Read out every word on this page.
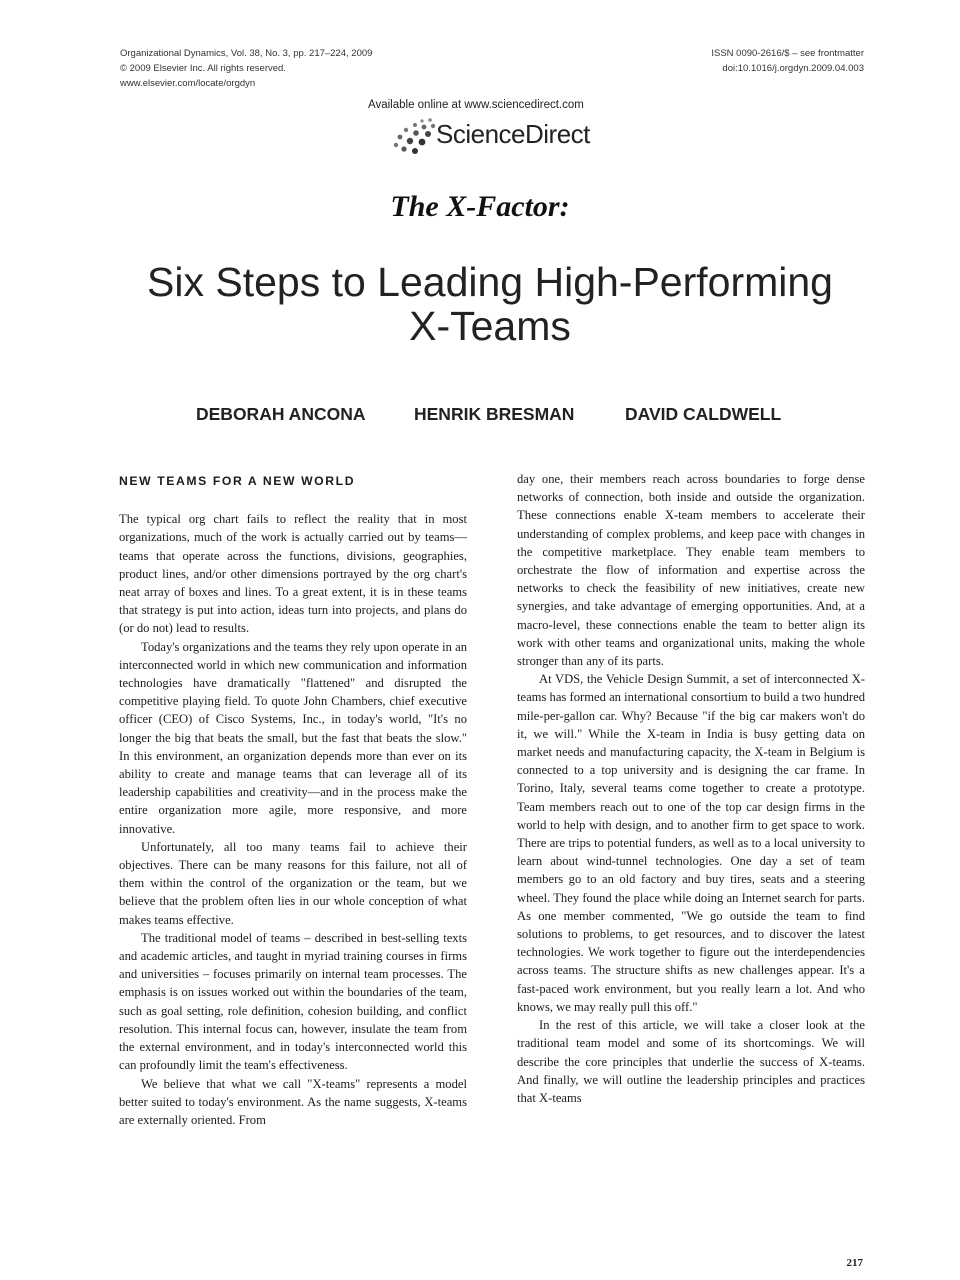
Organizational Dynamics, Vol. 38, No. 3, pp. 217–224, 2009
© 2009 Elsevier Inc. All rights reserved.
www.elsevier.com/locate/orgdyn
ISSN 0090-2616/$ – see frontmatter
doi:10.1016/j.orgdyn.2009.04.003
Available online at www.sciencedirect.com
ScienceDirect
The X-Factor:
Six Steps to Leading High-Performing
X-Teams
DEBORAH ANCONA	HENRIK BRESMAN	DAVID CALDWELL
NEW TEAMS FOR A NEW WORLD

The typical org chart fails to reflect the reality that in most organizations, much of the work is actually carried out by teams—teams that operate across the functions, divisions, geographies, product lines, and/or other dimensions portrayed by the org chart's neat array of boxes and lines. To a great extent, it is in these teams that strategy is put into action, ideas turn into projects, and plans do (or do not) lead to results.

Today's organizations and the teams they rely upon operate in an interconnected world in which new communication and information technologies have dramatically "flattened" and disrupted the competitive playing field. To quote John Chambers, chief executive officer (CEO) of Cisco Systems, Inc., in today's world, "It's no longer the big that beats the small, but the fast that beats the slow." In this environment, an organization depends more than ever on its ability to create and manage teams that can leverage all of its leadership capabilities and creativity—and in the process make the entire organization more agile, more responsive, and more innovative.

Unfortunately, all too many teams fail to achieve their objectives. There can be many reasons for this failure, not all of them within the control of the organization or the team, but we believe that the problem often lies in our whole conception of what makes teams effective.

The traditional model of teams – described in best-selling texts and academic articles, and taught in myriad training courses in firms and universities – focuses primarily on internal team processes. The emphasis is on issues worked out within the boundaries of the team, such as goal setting, role definition, cohesion building, and conflict resolution. This internal focus can, however, insulate the team from the external environment, and in today's interconnected world this can profoundly limit the team's effectiveness.

We believe that what we call "X-teams" represents a model better suited to today's environment. As the name suggests, X-teams are externally oriented. From

day one, their members reach across boundaries to forge dense networks of connection, both inside and outside the organization. These connections enable X-team members to accelerate their understanding of complex problems, and keep pace with changes in the competitive marketplace. They enable team members to orchestrate the flow of information and expertise across the networks to check the feasibility of new initiatives, create new synergies, and take advantage of emerging opportunities. And, at a macro-level, these connections enable the team to better align its work with other teams and organizational units, making the whole stronger than any of its parts.

At VDS, the Vehicle Design Summit, a set of interconnected X-teams has formed an international consortium to build a two hundred mile-per-gallon car. Why? Because "if the big car makers won't do it, we will." While the X-team in India is busy getting data on market needs and manufacturing capacity, the X-team in Belgium is connected to a top university and is designing the car frame. In Torino, Italy, several teams come together to create a prototype. Team members reach out to one of the top car design firms in the world to help with design, and to another firm to get space to work. There are trips to potential funders, as well as to a local university to learn about wind-tunnel technologies. One day a set of team members go to an old factory and buy tires, seats and a steering wheel. They found the place while doing an Internet search for parts. As one member commented, "We go outside the team to find solutions to problems, to get resources, and to discover the latest technologies. We work together to figure out the interdependencies across teams. The structure shifts as new challenges appear. It's a fast-paced work environment, but you really learn a lot. And who knows, we may really pull this off."

In the rest of this article, we will take a closer look at the traditional team model and some of its shortcomings. We will describe the core principles that underlie the success of X-teams. And finally, we will outline the leadership principles and practices that X-teams

217
